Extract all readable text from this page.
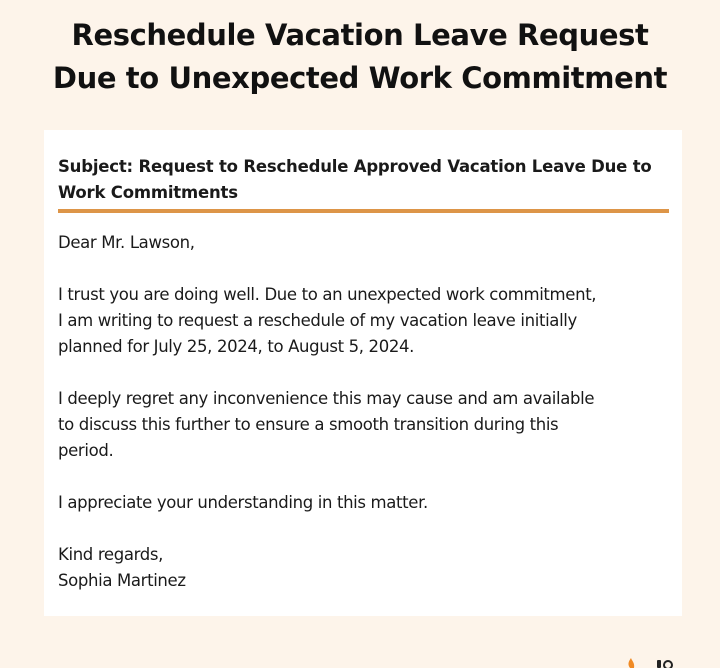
Reschedule Vacation Leave Request
Due to Unexpected Work Commitment
Subject: Request to Reschedule Approved Vacation Leave Due to Work Commitments

Dear Mr. Lawson,

I trust you are doing well. Due to an unexpected work commitment,
I am writing to request a reschedule of my vacation leave initially
planned for July 25, 2024, to August 5, 2024.

I deeply regret any inconvenience this may cause and am available
to discuss this further to ensure a smooth transition during this
period.

I appreciate your understanding in this matter.

Kind regards,
Sophia Martinez
